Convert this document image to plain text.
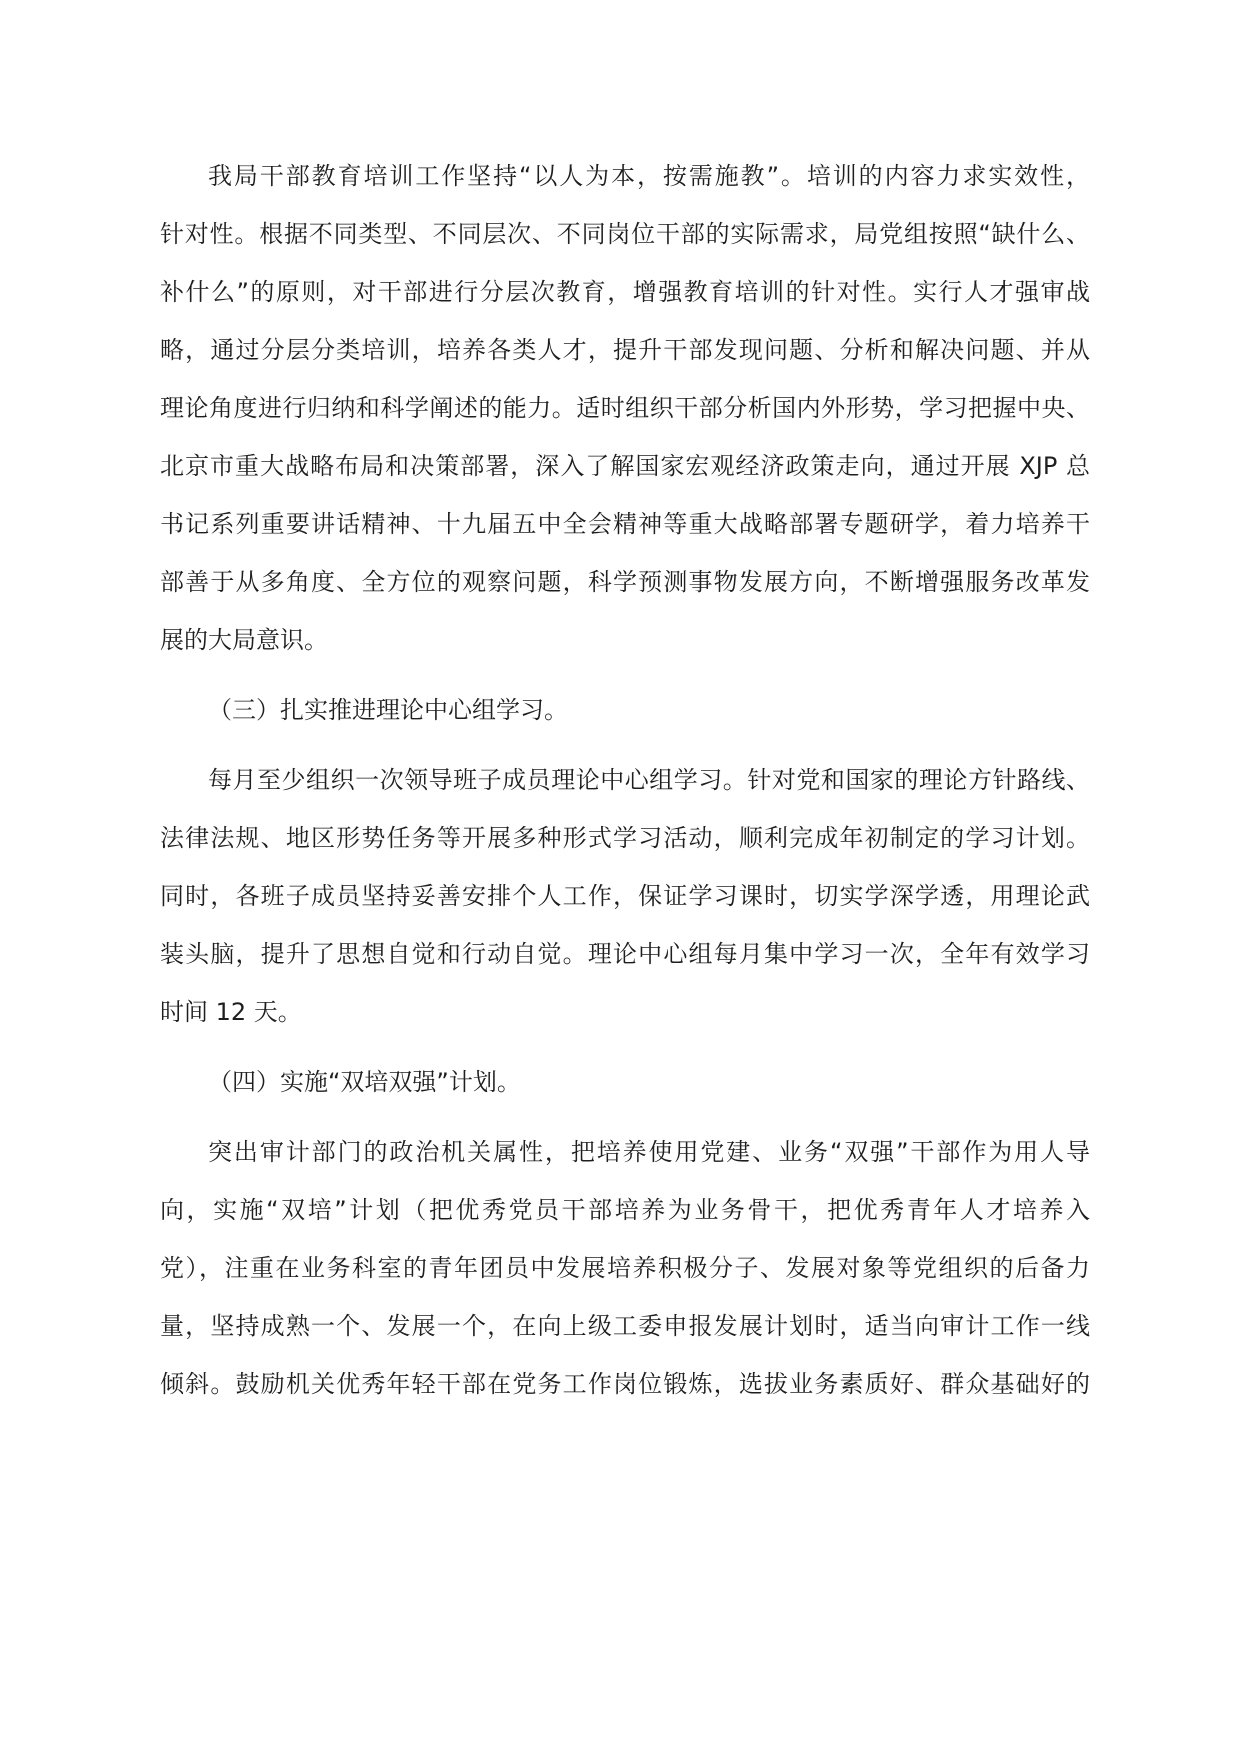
我局干部教育培训工作坚持“以人为本，按需施教”。培训的内容力求实效性，
针对性。根据不同类型、不同层次、不同岗位干部的实际需求，局党组按照“缺什么、
补什么”的原则，对干部进行分层次教育，增强教育培训的针对性。实行人才强审战
略，通过分层分类培训，培养各类人才，提升干部发现问题、分析和解决问题、并从
理论角度进行归纳和科学阐述的能力。适时组织干部分析国内外形势，学习把握中央、
北京市重大战略布局和决策部署，深入了解国家宏观经济政策走向，通过开展 XJP 总
书记系列重要讲话精神、十九届五中全会精神等重大战略部署专题研学，着力培养干
部善于从多角度、全方位的观察问题，科学预测事物发展方向，不断增强服务改革发
展的大局意识。
（三）扎实推进理论中心组学习。
每月至少组织一次领导班子成员理论中心组学习。针对党和国家的理论方针路线、
法律法规、地区形势任务等开展多种形式学习活动，顺利完成年初制定的学习计划。
同时，各班子成员坚持妥善安排个人工作，保证学习课时，切实学深学透，用理论武
装头脑，提升了思想自觉和行动自觉。理论中心组每月集中学习一次，全年有效学习
时间 12 天。
（四）实施“双培双强”计划。
突出审计部门的政治机关属性，把培养使用党建、业务“双强”干部作为用人导
向，实施“双培”计划（把优秀党员干部培养为业务骨干，把优秀青年人才培养入
党），注重在业务科室的青年团员中发展培养积极分子、发展对象等党组织的后备力
量，坚持成熟一个、发展一个，在向上级工委申报发展计划时，适当向审计工作一线
倾斜。鼓励机关优秀年轻干部在党务工作岗位锻炼，选拔业务素质好、群众基础好的
